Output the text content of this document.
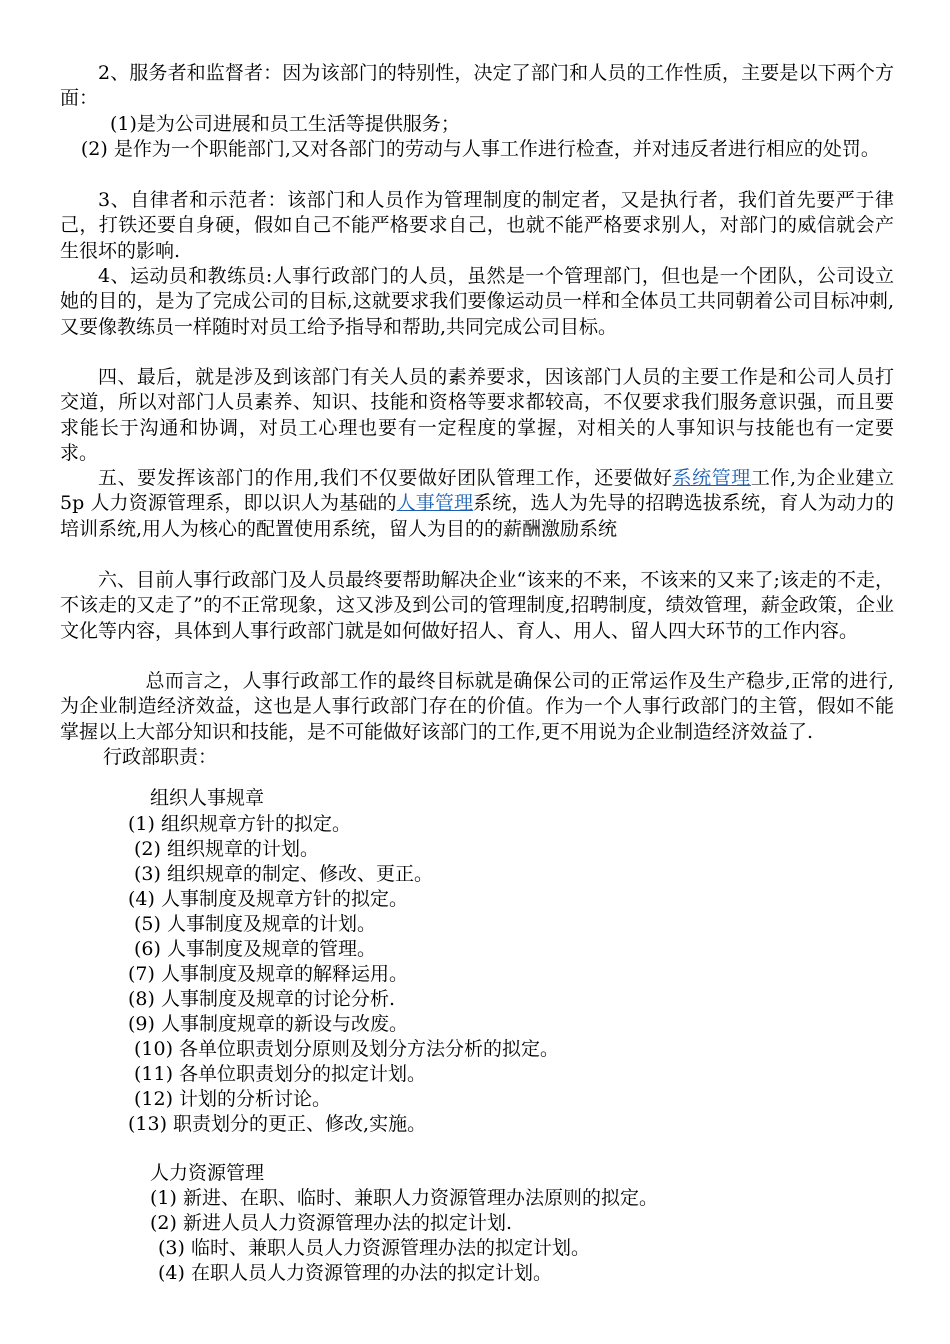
2、服务者和监督者：因为该部门的特别性，决定了部门和人员的工作性质，主要是以下两个方面：

(1)是为公司进展和员工生活等提供服务；

(2) 是作为一个职能部门,又对各部门的劳动与人事工作进行检查，并对违反者进行相应的处罚。

3、自律者和示范者：该部门和人员作为管理制度的制定者，又是执行者，我们首先要严于律己，打铁还要自身硬，假如自己不能严格要求自己，也就不能严格要求别人，对部门的威信就会产生很坏的影响.

4、运动员和教练员:人事行政部门的人员，虽然是一个管理部门，但也是一个团队，公司设立她的目的，是为了完成公司的目标,这就要求我们要像运动员一样和全体员工共同朝着公司目标冲刺,又要像教练员一样随时对员工给予指导和帮助,共同完成公司目标。

四、最后，就是涉及到该部门有关人员的素养要求，因该部门人员的主要工作是和公司人员打交道，所以对部门人员素养、知识、技能和资格等要求都较高，不仅要求我们服务意识强，而且要求能长于沟通和协调，对员工心理也要有一定程度的掌握，对相关的人事知识与技能也有一定要求。

五、要发挥该部门的作用,我们不仅要做好团队管理工作，还要做好系统管理工作,为企业建立 5p 人力资源管理系，即以识人为基础的人事管理系统，选人为先导的招聘选拔系统，育人为动力的培训系统,用人为核心的配置使用系统，留人为目的的薪酬激励系统

六、目前人事行政部门及人员最终要帮助解决企业“该来的不来，不该来的又来了;该走的不走，不该走的又走了”的不正常现象，这又涉及到公司的管理制度,招聘制度，绩效管理，薪金政策，企业文化等内容，具体到人事行政部门就是如何做好招人、育人、用人、留人四大环节的工作内容。

总而言之，人事行政部工作的最终目标就是确保公司的正常运作及生产稳步,正常的进行,为企业制造经济效益，这也是人事行政部门存在的价值。作为一个人事行政部门的主管，假如不能掌握以上大部分知识和技能，是不可能做好该部门的工作,更不用说为企业制造经济效益了.

行政部职责：

组织人事规章

(1) 组织规章方针的拟定。

(2) 组织规章的计划。

(3) 组织规章的制定、修改、更正。

(4) 人事制度及规章方针的拟定。

(5) 人事制度及规章的计划。

(6) 人事制度及规章的管理。

(7) 人事制度及规章的解释运用。

(8) 人事制度及规章的讨论分析.

(9) 人事制度规章的新设与改废。

(10) 各单位职责划分原则及划分方法分析的拟定。

(11) 各单位职责划分的拟定计划。

(12) 计划的分析讨论。

(13) 职责划分的更正、修改,实施。

人力资源管理

(1) 新进、在职、临时、兼职人力资源管理办法原则的拟定。

(2) 新进人员人力资源管理办法的拟定计划.

(3) 临时、兼职人员人力资源管理办法的拟定计划。

(4) 在职人员人力资源管理的办法的拟定计划。
